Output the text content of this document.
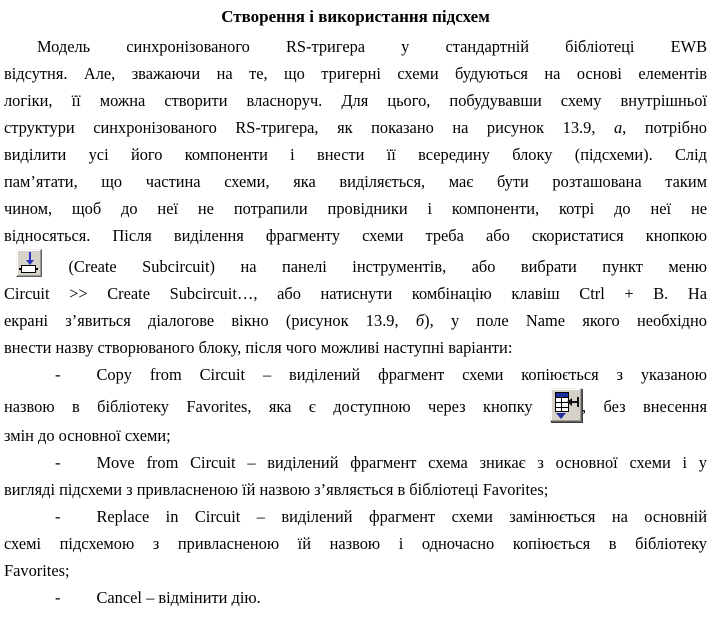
Створення і використання підсхем
Модель синхронізованого RS-тригера у стандартній бібліотеці EWB
відсутня. Але, зважаючи на те, що тригерні схеми будуються на основі елементів
логіки, її можна створити власноруч. Для цього, побудувавши схему внутрішньої
структури синхронізованого RS-тригера, як показано на рисунок 13.9, а, потрібно
виділити усі його компоненти і внести її всередину блоку (підсхеми). Слід
пам’ятати, що частина схеми, яка виділяється, має бути розташована таким
чином, щоб до неї не потрапили провідники і компоненти, котрі до неї не
відносяться. Після виділення фрагменту схеми треба або скористатися кнопкою
(Create Subcircuit) на панелі інструментів, або вибрати пункт меню
Circuit >> Create Subcircuit…, або натиснути комбінацію клавіш Ctrl + B. На
екрані з’явиться діалогове вікно (рисунок 13.9, б), у поле Name якого необхідно
внести назву створюваного блоку, після чого можливі наступні варіанти:
- Copy from Circuit – виділений фрагмент схеми копіюється з указаною
назвою в бібліотеку Favorites, яка є доступною через кнопку
, без внесення
змін до основної схеми;
- Move from Circuit – виділений фрагмент схема зникає з основної схеми і у
вигляді підсхеми з привласненою їй назвою з’являється в бібліотеці Favorites;
- Replace in Circuit – виділений фрагмент схеми замінюється на основній
схемі підсхемою з привласненою їй назвою і одночасно копіюється в бібліотеку
Favorites;
- Cancel – відмінити дію.
